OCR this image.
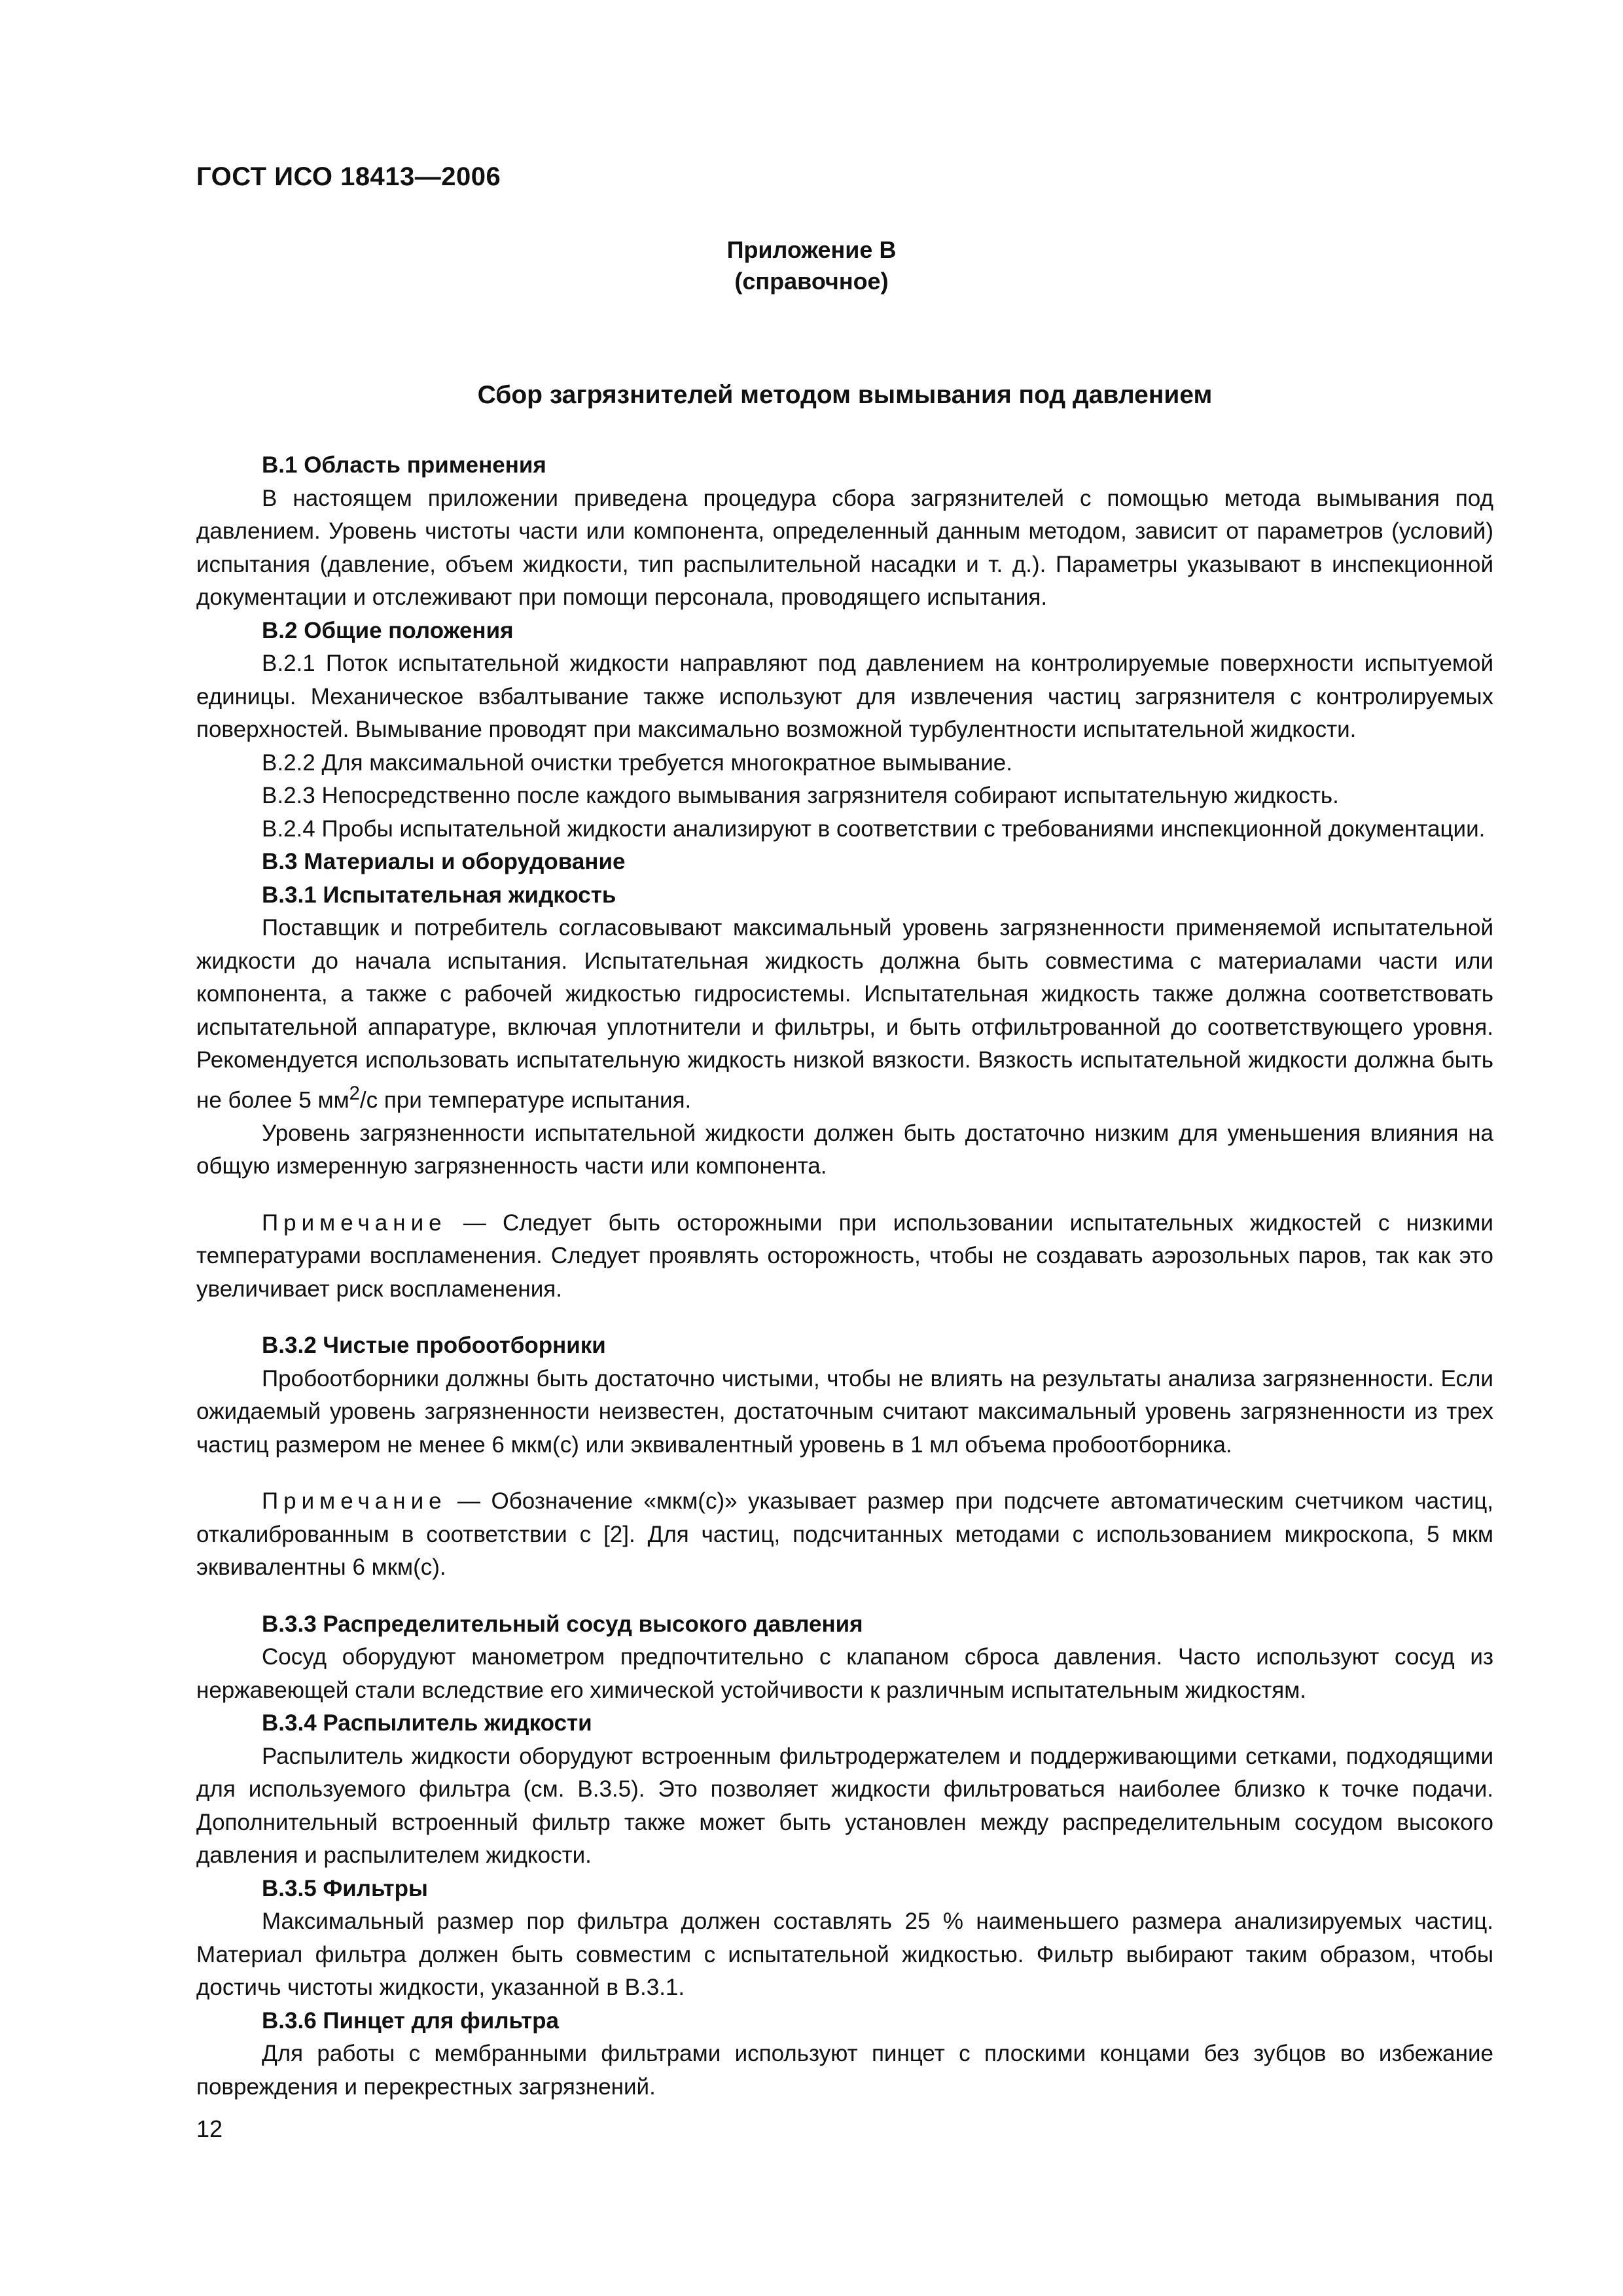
ГОСТ ИСО 18413—2006
Приложение В
(справочное)
Сбор загрязнителей методом вымывания под давлением

В.1 Область применения

В настоящем приложении приведена процедура сбора загрязнителей с помощью метода вымывания под давлением. Уровень чистоты части или компонента, определенный данным методом, зависит от параметров (условий) испытания (давление, объем жидкости, тип распылительной насадки и т. д.). Параметры указывают в инспекционной документации и отслеживают при помощи персонала, проводящего испытания.

В.2 Общие положения

В.2.1 Поток испытательной жидкости направляют под давлением на контролируемые поверхности испытуемой единицы. Механическое взбалтывание также используют для извлечения частиц загрязнителя с контролируемых поверхностей. Вымывание проводят при максимально возможной турбулентности испытательной жидкости.

В.2.2 Для максимальной очистки требуется многократное вымывание.

В.2.3 Непосредственно после каждого вымывания загрязнителя собирают испытательную жидкость.

В.2.4 Пробы испытательной жидкости анализируют в соответствии с требованиями инспекционной документации.

В.3 Материалы и оборудование

В.3.1 Испытательная жидкость

Поставщик и потребитель согласовывают максимальный уровень загрязненности применяемой испытательной жидкости до начала испытания. Испытательная жидкость должна быть совместима с материалами части или компонента, а также с рабочей жидкостью гидросистемы. Испытательная жидкость также должна соответствовать испытательной аппаратуре, включая уплотнители и фильтры, и быть отфильтрованной до соответствующего уровня. Рекомендуется использовать испытательную жидкость низкой вязкости. Вязкость испытательной жидкости должна быть не более 5 $мм^2/с$ при температуре испытания.

Уровень загрязненности испытательной жидкости должен быть достаточно низким для уменьшения влияния на общую измеренную загрязненность части или компонента.

Примечание — Следует быть осторожными при использовании испытательных жидкостей с низкими температурами воспламенения. Следует проявлять осторожность, чтобы не создавать аэрозольных паров, так как это увеличивает риск воспламенения.

В.3.2 Чистые пробоотборники

Пробоотборники должны быть достаточно чистыми, чтобы не влиять на результаты анализа загрязненности. Если ожидаемый уровень загрязненности неизвестен, достаточным считают максимальный уровень загрязненности из трех частиц размером не менее 6 мкм(с) или эквивалентный уровень в 1 мл объема пробоотборника.

Примечание — Обозначение «мкм(с)» указывает размер при подсчете автоматическим счетчиком частиц, откалиброванным в соответствии с [2]. Для частиц, подсчитанных методами с использованием микроскопа, 5 мкм эквивалентны 6 мкм(с).

В.3.3 Распределительный сосуд высокого давления

Сосуд оборудуют манометром предпочтительно с клапаном сброса давления. Часто используют сосуд из нержавеющей стали вследствие его химической устойчивости к различным испытательным жидкостям.

В.3.4 Распылитель жидкости

Распылитель жидкости оборудуют встроенным фильтродержателем и поддерживающими сетками, подходящими для используемого фильтра (см. В.3.5). Это позволяет жидкости фильтроваться наиболее близко к точке подачи. Дополнительный встроенный фильтр также может быть установлен между распределительным сосудом высокого давления и распылителем жидкости.

В.3.5 Фильтры

Максимальный размер пор фильтра должен составлять 25 % наименьшего размера анализируемых частиц. Материал фильтра должен быть совместим с испытательной жидкостью. Фильтр выбирают таким образом, чтобы достичь чистоты жидкости, указанной в В.3.1.

В.3.6 Пинцет для фильтра

Для работы с мембранными фильтрами используют пинцет с плоскими концами без зубцов во избежание повреждения и перекрестных загрязнений.

12
